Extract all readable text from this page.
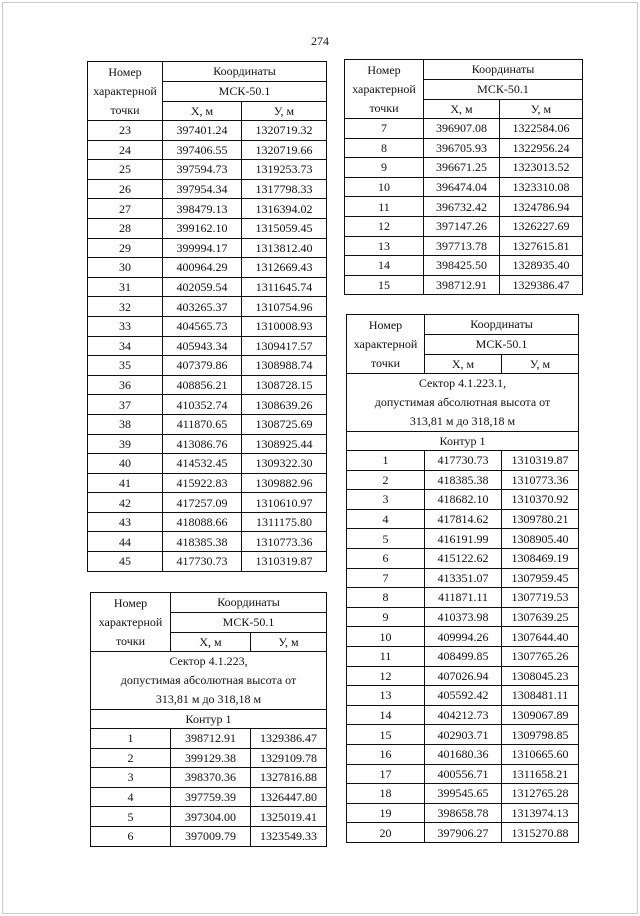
274
Номер
характерной
точки	Координаты	
	МСК-50.1	
	Х, м	У, м
23	397401.24	1320719.32
24	397406.55	1320719.66
25	397594.73	1319253.73
26	397954.34	1317798.33
27	398479.13	1316394.02
28	399162.10	1315059.45
29	399994.17	1313812.40
30	400964.29	1312669.43
31	402059.54	1311645.74
32	403265.37	1310754.96
33	404565.73	1310008.93
34	405943.34	1309417.57
35	407379.86	1308988.74
36	408856.21	1308728.15
37	410352.74	1308639.26
38	411870.65	1308725.69
39	413086.76	1308925.44
40	414532.45	1309322.30
41	415922.83	1309882.96
42	417257.09	1310610.97
43	418088.66	1311175.80
44	418385.38	1310773.36
45	417730.73	1310319.87
Номер
характерной
точки	Координаты	
	МСК-50.1	
	Х, м	У, м
7	396907.08	1322584.06
8	396705.93	1322956.24
9	396671.25	1323013.52
10	396474.04	1323310.08
11	396732.42	1324786.94
12	397147.26	1326227.69
13	397713.78	1327615.81
14	398425.50	1328935.40
15	398712.91	1329386.47
Номер
характерной
точки	Координаты	
	МСК-50.1	
	Х, м	У, м

Сектор 4.1.223,
допустимая абсолютная высота от
313,81 м до 318,18 м		

Контур 1		
1	398712.91	1329386.47
2	399129.38	1329109.78
3	398370.36	1327816.88
4	397759.39	1326447.80
5	397304.00	1325019.41
6	397009.79	1323549.33
Номер
характерной
точки	Координаты	
	МСК-50.1	
	Х, м	У, м

Сектор 4.1.223.1,
допустимая абсолютная высота от
313,81 м до 318,18 м		

Контур 1		
1	417730.73	1310319.87
2	418385.38	1310773.36
3	418682.10	1310370.92
4	417814.62	1309780.21
5	416191.99	1308905.40
6	415122.62	1308469.19
7	413351.07	1307959.45
8	411871.11	1307719.53
9	410373.98	1307639.25
10	409994.26	1307644.40
11	408499.85	1307765.26
12	407026.94	1308045.23
13	405592.42	1308481.11
14	404212.73	1309067.89
15	402903.71	1309798.85
16	401680.36	1310665.60
17	400556.71	1311658.21
18	399545.65	1312765.28
19	398658.78	1313974.13
20	397906.27	1315270.88
